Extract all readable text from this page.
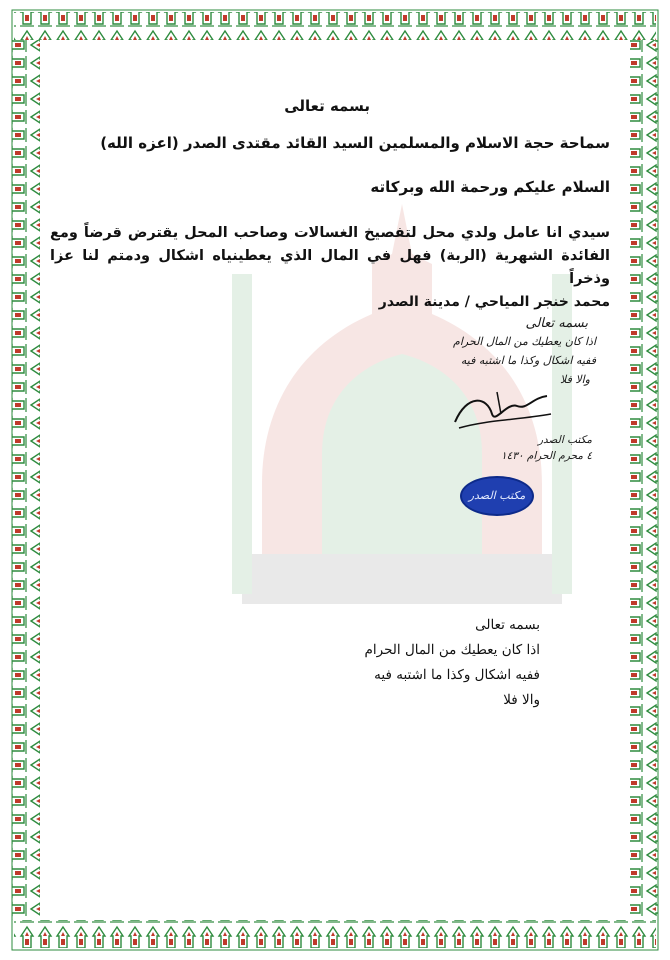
بسمه تعالى

سماحة حجة الاسلام والمسلمين السيد القائد مقتدى الصدر (اعزه الله)

السلام عليكم ورحمة الله وبركاته

سيدي انا عامل ولدي محل لتفصيخ الغسالات وصاحب المحل يقترض قرضاً ومع الفائدة الشهرية (الربة) فهل في المال الذي يعطينياه اشكال ودمتم لنا عزا وذخراً

محمد خنجر المياحي / مدينة الصدر

بسمه تعالى

اذا كان يعطيك من المال الحرام

ففيه اشكال وكذا ما اشتبه فيه

والا فلا

مكتب الصدر

٤ محرم الحرام ١٤٣٠

مكتب الصدر

بسمه تعالى

اذا كان يعطيك من المال الحرام

ففيه اشكال وكذا ما اشتبه فيه

والا فلا
